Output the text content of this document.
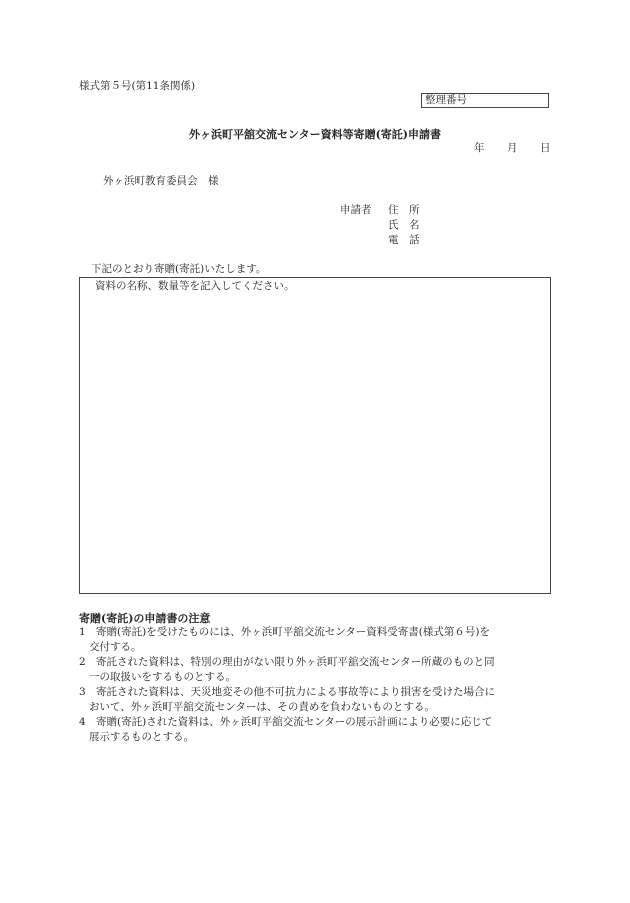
様式第５号(第11条関係)
整理番号
外ヶ浜町平舘交流センター資料等寄贈(寄託)申請書
年 月 日
外ヶ浜町教育委員会　様
申請者 住　所
氏　名
電　話
下記のとおり寄贈(寄託)いたします。
資料の名称、数量等を記入してください。
寄贈(寄託)の申請書の注意
1 寄贈(寄託)を受けたものには、外ヶ浜町平舘交流センター資料受寄書(様式第６号)を
交付する。
2 寄託された資料は、特別の理由がない限り外ヶ浜町平舘交流センター所蔵のものと同
一の取扱いをするものとする。
3 寄託された資料は、天災地変その他不可抗力による事故等により損害を受けた場合に
おいて、外ヶ浜町平舘交流センターは、その責めを負わないものとする。
4 寄贈(寄託)された資料は、外ヶ浜町平舘交流センターの展示計画により必要に応じて
展示するものとする。
